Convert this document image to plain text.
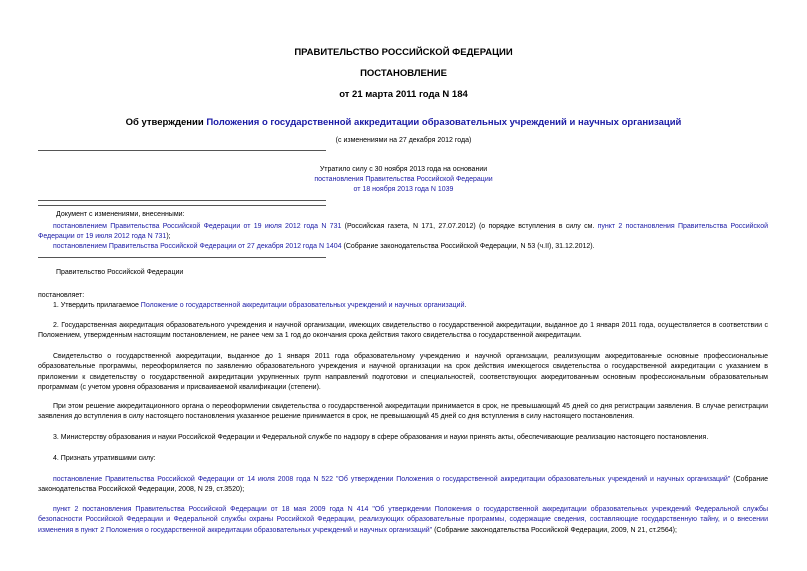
ПРАВИТЕЛЬСТВО РОССИЙСКОЙ ФЕДЕРАЦИИ
ПОСТАНОВЛЕНИЕ
от 21 марта 2011 года N 184
Об утверждении Положения о государственной аккредитации образовательных учреждений и научных организаций
(с изменениями на 27 декабря 2012 года)
Утратило силу с 30 ноября 2013 года на основании
постановления Правительства Российской Федерации
от 18 ноября 2013 года N 1039
Документ с изменениями, внесенными:
постановлением Правительства Российской Федерации от 19 июля 2012 года N 731 (Российская газета, N 171, 27.07.2012) (о порядке вступления в силу см. пункт 2 постановления Правительства Российской Федерации от 19 июля 2012 года N 731);
постановлением Правительства Российской Федерации от 27 декабря 2012 года N 1404 (Собрание законодательства Российской Федерации, N 53 (ч.II), 31.12.2012).
Правительство Российской Федерации
постановляет:
1. Утвердить прилагаемое Положение о государственной аккредитации образовательных учреждений и научных организаций.
2. Государственная аккредитация образовательного учреждения и научной организации, имеющих свидетельство о государственной аккредитации, выданное до 1 января 2011 года, осуществляется в соответствии с Положением, утвержденным настоящим постановлением, не ранее чем за 1 год до окончания срока действия такого свидетельства о государственной аккредитации.
Свидетельство о государственной аккредитации, выданное до 1 января 2011 года образовательному учреждению и научной организации, реализующим аккредитованные основные профессиональные образовательные программы, переоформляется по заявлению образовательного учреждения и научной организации на срок действия имеющегося свидетельства о государственной аккредитации с указанием в приложении к свидетельству о государственной аккредитации укрупненных групп направлений подготовки и специальностей, соответствующих аккредитованным основным профессиональным образовательным программам (с учетом уровня образования и присваиваемой квалификации (степени).
При этом решение аккредитационного органа о переоформлении свидетельства о государственной аккредитации принимается в срок, не превышающий 45 дней со дня регистрации заявления. В случае регистрации заявления до вступления в силу настоящего постановления указанное решение принимается в срок, не превышающий 45 дней со дня вступления в силу настоящего постановления.
3. Министерству образования и науки Российской Федерации и Федеральной службе по надзору в сфере образования и науки принять акты, обеспечивающие реализацию настоящего постановления.
4. Признать утратившими силу:
постановление Правительства Российской Федерации от 14 июля 2008 года N 522 "Об утверждении Положения о государственной аккредитации образовательных учреждений и научных организаций" (Собрание законодательства Российской Федерации, 2008, N 29, ст.3520);
пункт 2 постановления Правительства Российской Федерации от 18 мая 2009 года N 414 "Об утверждении Положения о государственной аккредитации образовательных учреждений Федеральной службы безопасности Российской Федерации и Федеральной службы охраны Российской Федерации, реализующих образовательные программы, содержащие сведения, составляющие государственную тайну, и о внесении изменения в пункт 2 Положения о государственной аккредитации образовательных учреждений и научных организаций" (Собрание законодательства Российской Федерации, 2009, N 21, ст.2564);
